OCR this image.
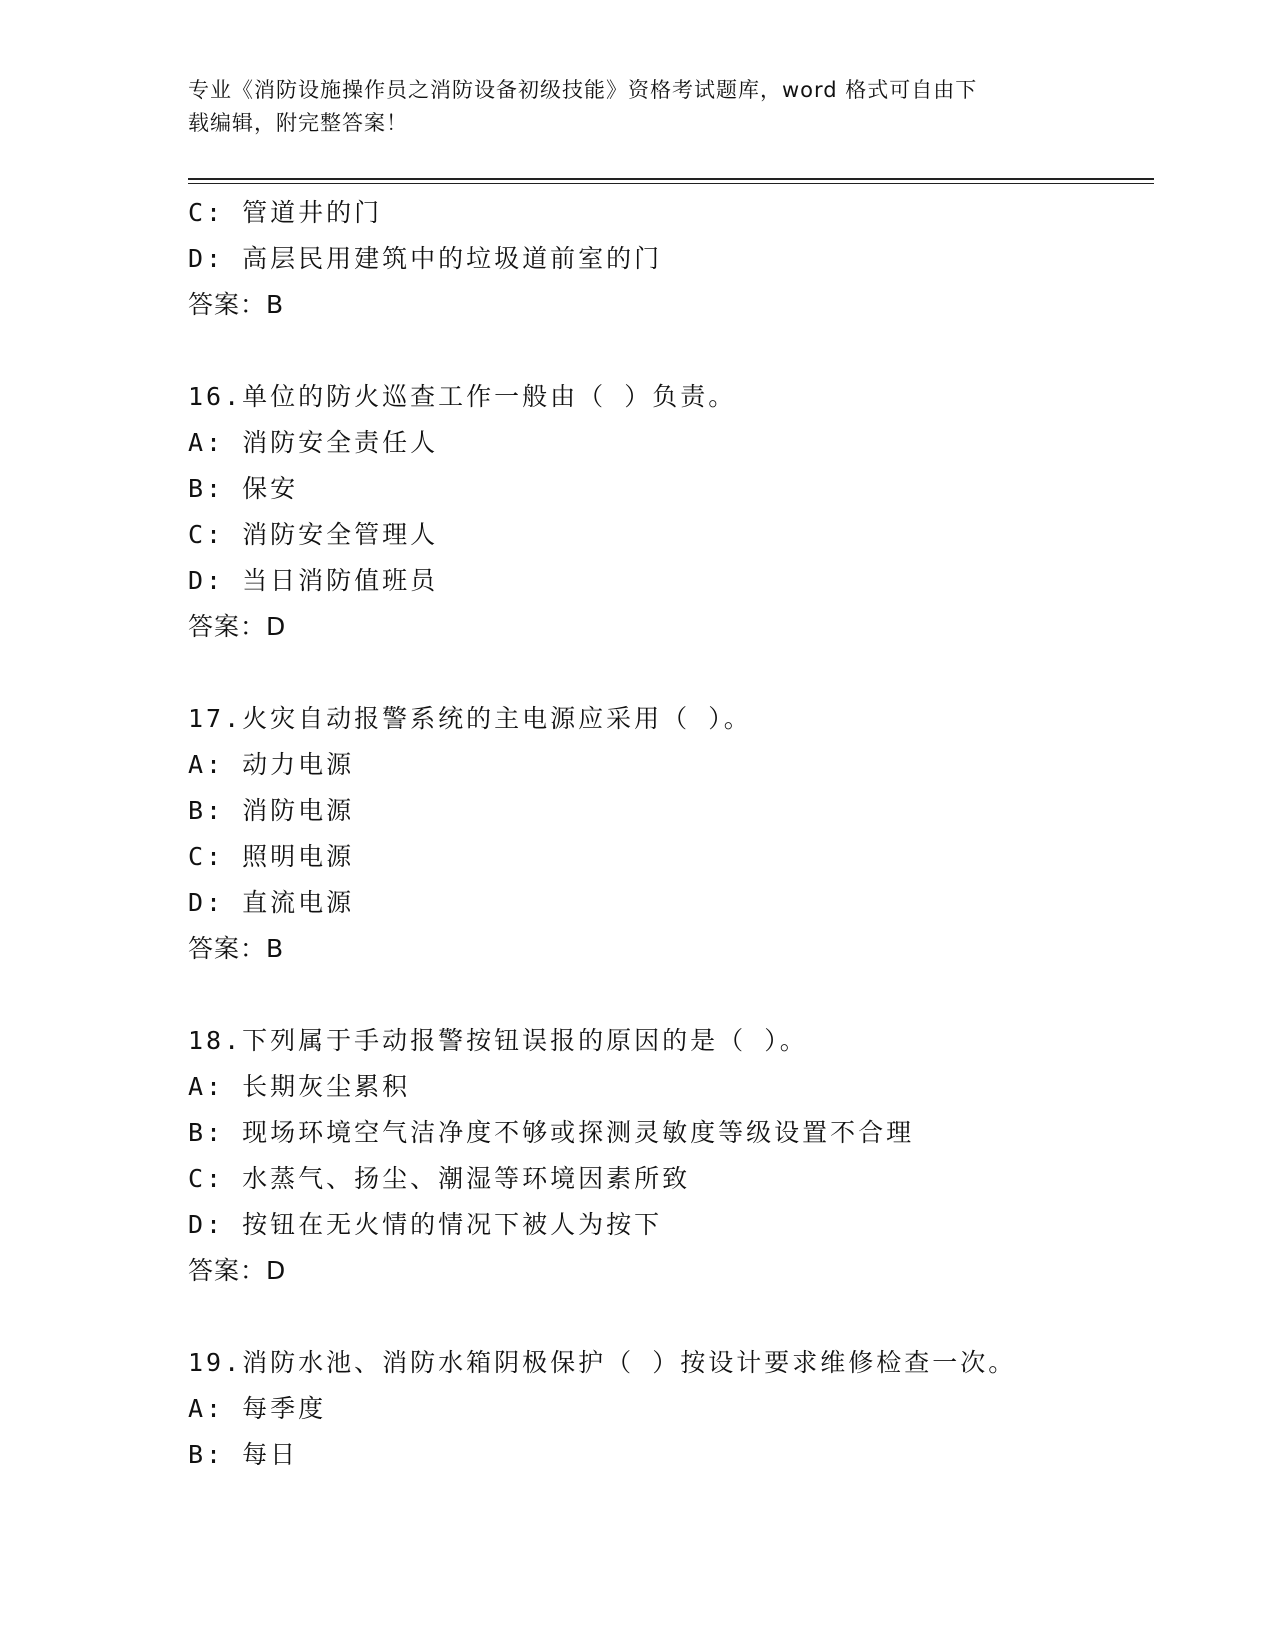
专业《消防设施操作员之消防设备初级技能》资格考试题库，word 格式可自由下
载编辑，附完整答案！
C: 管道井的门
D: 高层民用建筑中的垃圾道前室的门
答案：B
16.单位的防火巡查工作一般由（ ）负责。
A: 消防安全责任人
B: 保安
C: 消防安全管理人
D: 当日消防值班员
答案：D
17.火灾自动报警系统的主电源应采用（ ）。
A: 动力电源
B: 消防电源
C: 照明电源
D: 直流电源
答案：B
18.下列属于手动报警按钮误报的原因的是（ ）。
A: 长期灰尘累积
B: 现场环境空气洁净度不够或探测灵敏度等级设置不合理
C: 水蒸气、扬尘、潮湿等环境因素所致
D: 按钮在无火情的情况下被人为按下
答案：D
19.消防水池、消防水箱阴极保护（ ）按设计要求维修检查一次。
A: 每季度
B: 每日
